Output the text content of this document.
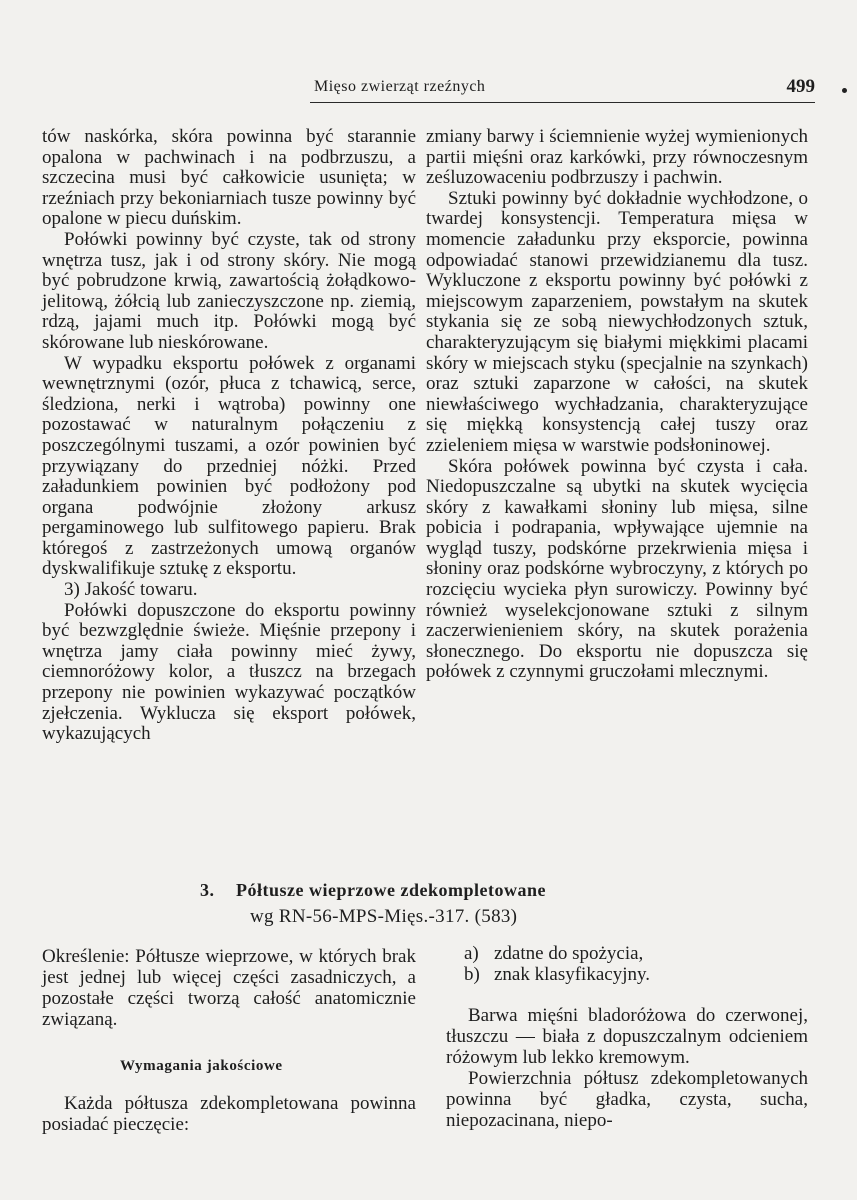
Mięso zwierząt rzeźnych	499

tów naskórka, skóra powinna być starannie opalona w pachwinach i na podbrzuszu, a szczecina musi być całkowicie usunięta; w rzeźniach przy bekoniarniach tusze powinny być opalone w piecu duńskim.

Połówki powinny być czyste, tak od strony wnętrza tusz, jak i od strony skóry. Nie mogą być pobrudzone krwią, zawartością żołądkowo-jelitową, żółcią lub zanieczyszczone np. ziemią, rdzą, jajami much itp. Połówki mogą być skórowane lub nieskórowane.

W wypadku eksportu połówek z organami wewnętrznymi (ozór, płuca z tchawicą, serce, śledziona, nerki i wątroba) powinny one pozostawać w naturalnym połączeniu z poszczególnymi tuszami, a ozór powinien być przywiązany do przedniej nóżki. Przed załadunkiem powinien być podłożony pod organa podwójnie złożony arkusz pergaminowego lub sulfitowego papieru. Brak któregoś z zastrzeżonych umową organów dyskwalifikuje sztukę z eksportu.

3) Jakość towaru.

Połówki dopuszczone do eksportu powinny być bezwzględnie świeże. Mięśnie przepony i wnętrza jamy ciała powinny mieć żywy, ciemnoróżowy kolor, a tłuszcz na brzegach przepony nie powinien wykazywać początków zjełczenia. Wyklucza się eksport połówek, wykazujących

zmiany barwy i ściemnienie wyżej wymienionych partii mięśni oraz karkówki, przy równoczesnym ześluzowaceniu podbrzuszy i pachwin.

Sztuki powinny być dokładnie wychłodzone, o twardej konsystencji. Temperatura mięsa w momencie załadunku przy eksporcie, powinna odpowiadać stanowi przewidzianemu dla tusz. Wykluczone z eksportu powinny być połówki z miejscowym zaparzeniem, powstałym na skutek stykania się ze sobą niewychłodzonych sztuk, charakteryzującym się białymi miękkimi placami skóry w miejscach styku (specjalnie na szynkach) oraz sztuki zaparzone w całości, na skutek niewłaściwego wychładzania, charakteryzujące się miękką konsystencją całej tuszy oraz zzieleniem mięsa w warstwie podsłoninowej.

Skóra połówek powinna być czysta i cała. Niedopuszczalne są ubytki na skutek wycięcia skóry z kawałkami słoniny lub mięsa, silne pobicia i podrapania, wpływające ujemnie na wygląd tuszy, podskórne przekrwienia mięsa i słoniny oraz podskórne wybroczyny, z których po rozcięciu wycieka płyn surowiczy. Powinny być również wyselekcjonowane sztuki z silnym zaczerwienieniem skóry, na skutek porażenia słonecznego. Do eksportu nie dopuszcza się połówek z czynnymi gruczołami mlecznymi.

3. Półtusze wieprzowe zdekompletowane
wg RN-56-MPS-Mięs.-317. (583)

Określenie: Półtusze wieprzowe, w których brak jest jednej lub więcej części zasadniczych, a pozostałe części tworzą całość anatomicznie związaną.

Wymagania jakościowe

Każda półtusza zdekompletowana powinna posiadać pieczęcie:

a) zdatne do spożycia,

b) znak klasyfikacyjny.

Barwa mięśni bladoróżowa do czerwonej, tłuszczu — biała z dopuszczalnym odcieniem różowym lub lekko kremowym.

Powierzchnia półtusz zdekompletowanych powinna być gładka, czysta, sucha, niepozacinana, niepo-
